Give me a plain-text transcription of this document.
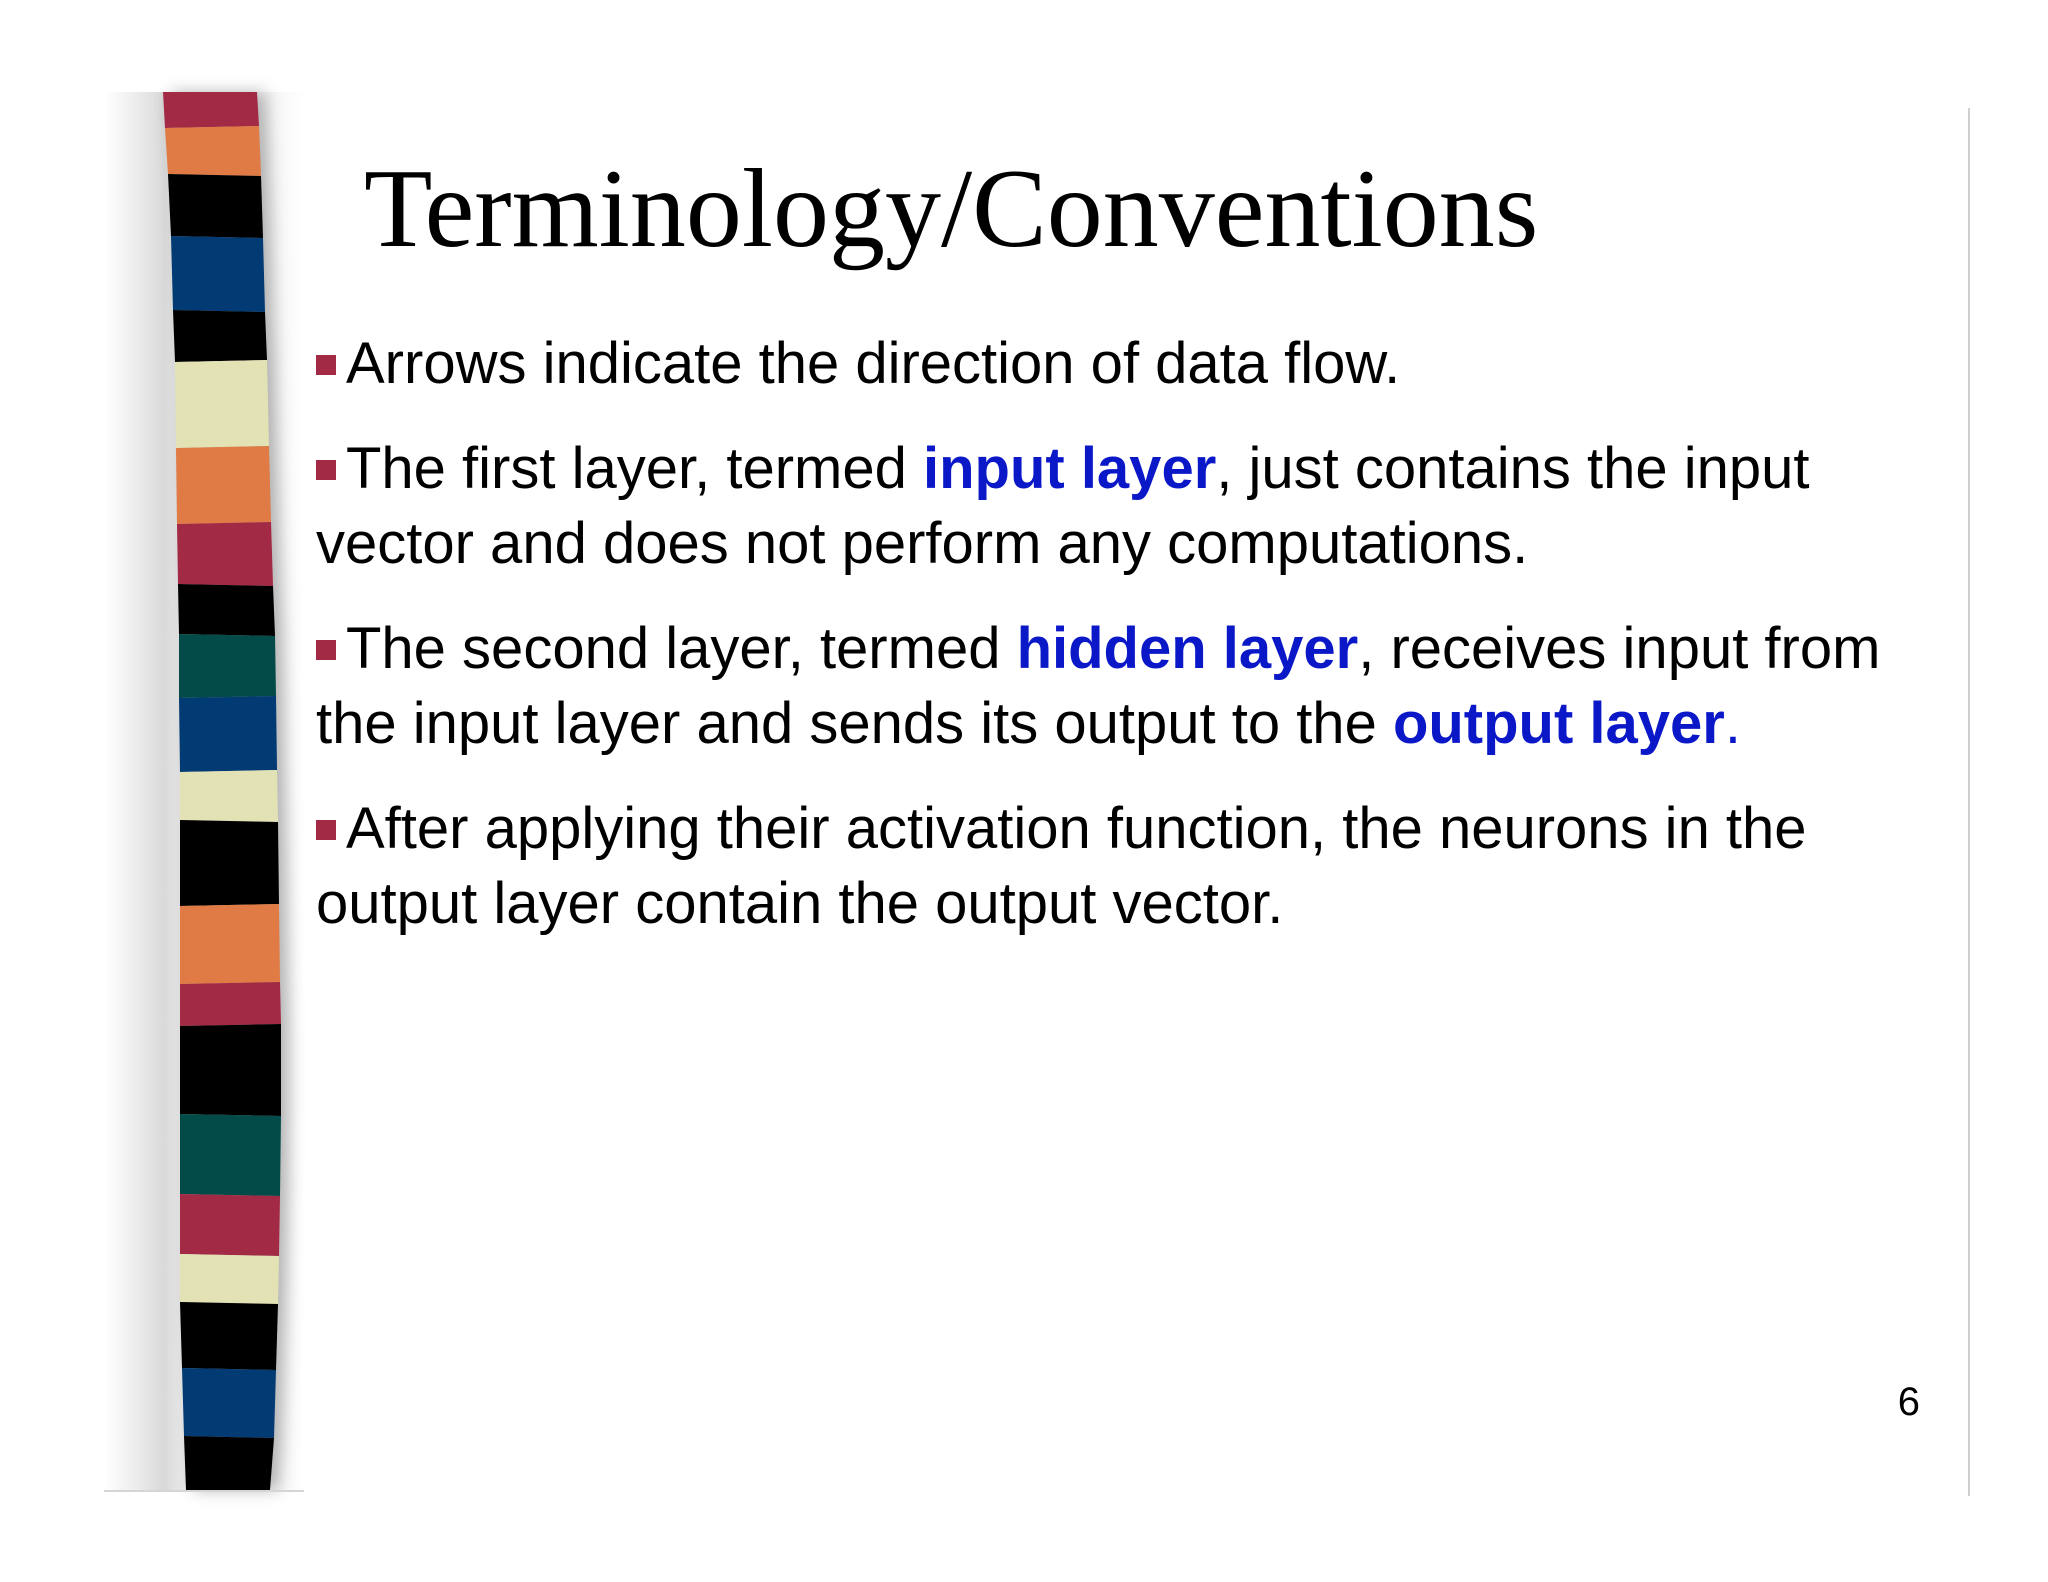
Terminology/Conventions

Arrows indicate the direction of data flow.

The first layer, termed input layer, just contains the input vector and does not perform any computations.

The second layer, termed hidden layer, receives input from the input layer and sends its output to the output layer.

After applying their activation function, the neurons in the output layer contain the output vector.

6
